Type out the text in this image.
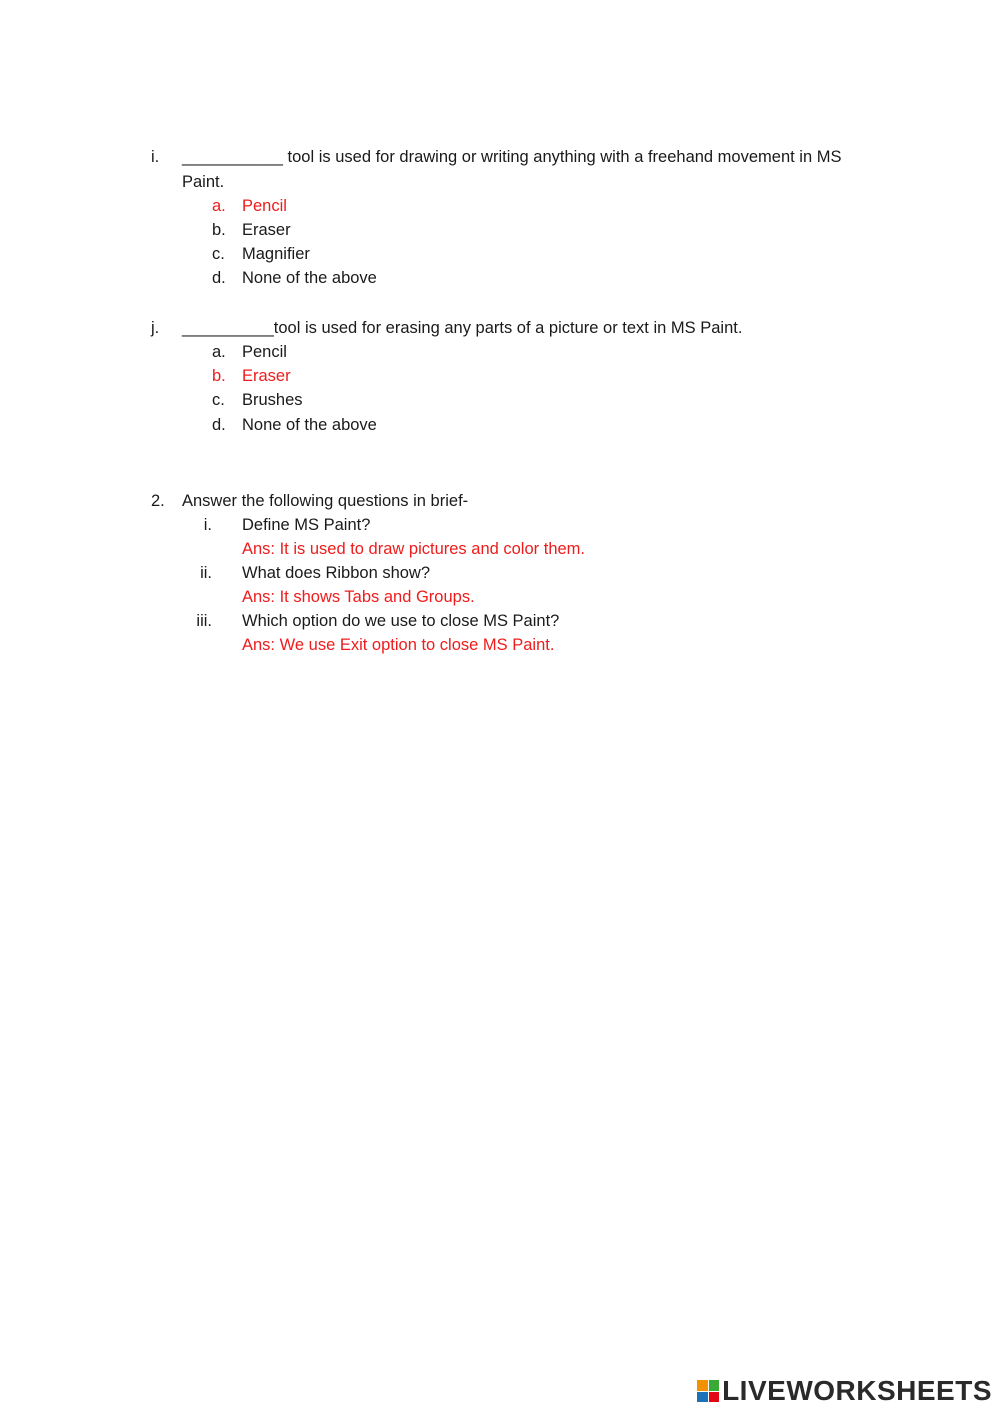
i. ___________ tool is used for drawing or writing anything with a freehand movement in MS
Paint.
a. Pencil
b. Eraser
c. Magnifier
d. None of the above
j. __________tool is used for erasing any parts of a picture or text in MS Paint.
a. Pencil
b. Eraser
c. Brushes
d. None of the above
2. Answer the following questions in brief-
i. Define MS Paint?
Ans: It is used to draw pictures and color them.
ii. What does Ribbon show?
Ans: It shows Tabs and Groups.
iii. Which option do we use to close MS Paint?
Ans: We use Exit option to close MS Paint.
LIVEWORKSHEETS
